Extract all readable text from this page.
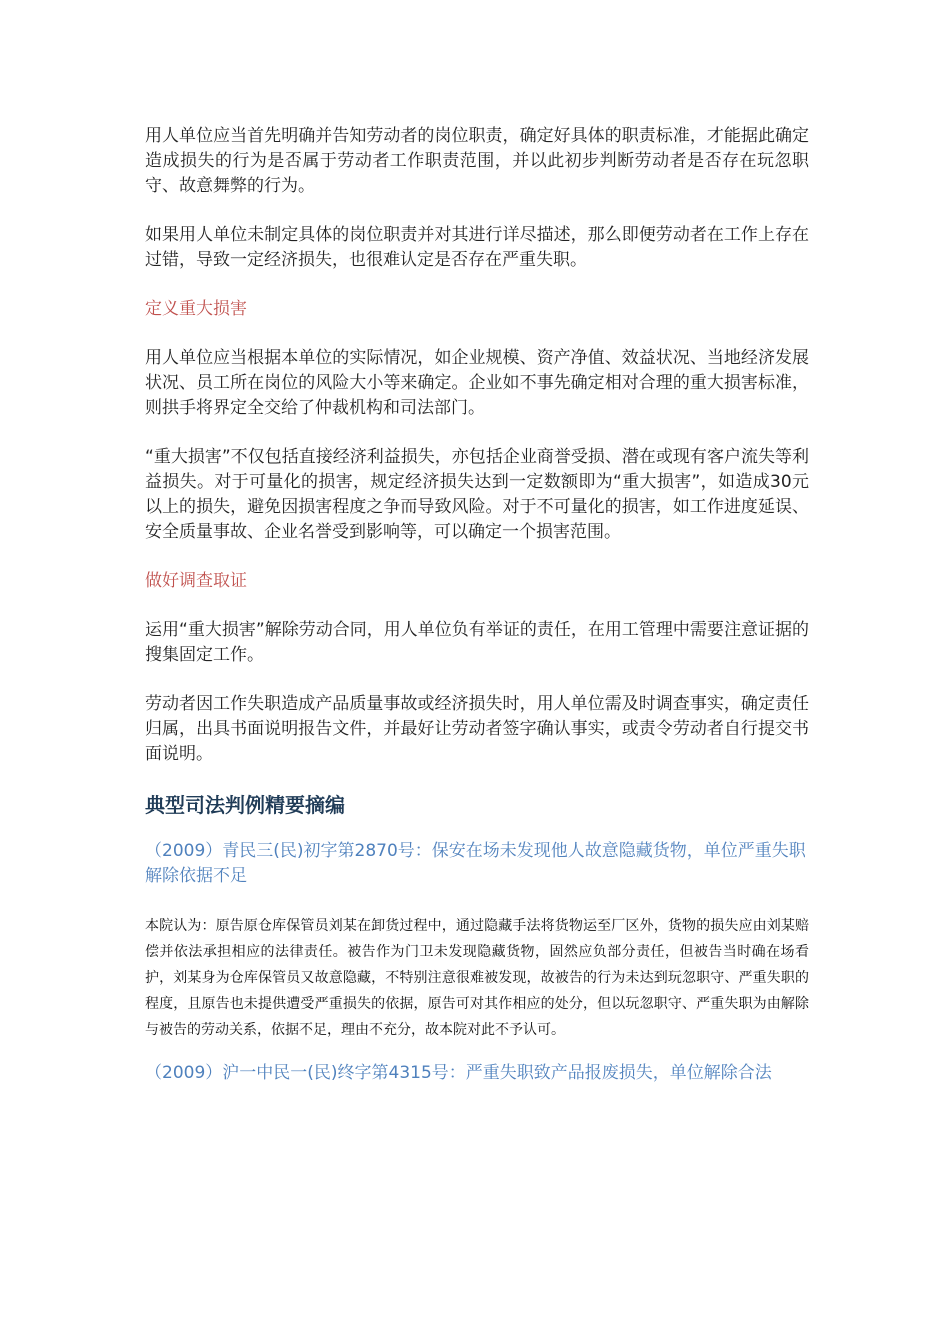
用人单位应当首先明确并告知劳动者的岗位职责，确定好具体的职责标准，才能据此确定造成损失的行为是否属于劳动者工作职责范围，并以此初步判断劳动者是否存在玩忽职守、故意舞弊的行为。

如果用人单位未制定具体的岗位职责并对其进行详尽描述，那么即便劳动者在工作上存在过错，导致一定经济损失，也很难认定是否存在严重失职。

定义重大损害

用人单位应当根据本单位的实际情况，如企业规模、资产净值、效益状况、当地经济发展状况、员工所在岗位的风险大小等来确定。企业如不事先确定相对合理的重大损害标准，则拱手将界定全交给了仲裁机构和司法部门。

“重大损害”不仅包括直接经济利益损失，亦包括企业商誉受损、潜在或现有客户流失等利益损失。对于可量化的损害，规定经济损失达到一定数额即为“重大损害”，如造成30元以上的损失，避免因损害程度之争而导致风险。对于不可量化的损害，如工作进度延误、安全质量事故、企业名誉受到影响等，可以确定一个损害范围。

做好调查取证

运用“重大损害”解除劳动合同，用人单位负有举证的责任，在用工管理中需要注意证据的搜集固定工作。

劳动者因工作失职造成产品质量事故或经济损失时，用人单位需及时调查事实，确定责任归属，出具书面说明报告文件，并最好让劳动者签字确认事实，或责令劳动者自行提交书面说明。

典型司法判例精要摘编

（2009）青民三(民)初字第2870号：保安在场未发现他人故意隐藏货物，单位严重失职解除依据不足

本院认为：原告原仓库保管员刘某在卸货过程中，通过隐藏手法将货物运至厂区外，货物的损失应由刘某赔偿并依法承担相应的法律责任。被告作为门卫未发现隐藏货物，固然应负部分责任，但被告当时确在场看护，刘某身为仓库保管员又故意隐藏，不特别注意很难被发现，故被告的行为未达到玩忽职守、严重失职的程度，且原告也未提供遭受严重损失的依据，原告可对其作相应的处分，但以玩忽职守、严重失职为由解除与被告的劳动关系，依据不足，理由不充分，故本院对此不予认可。

（2009）沪一中民一(民)终字第4315号：严重失职致产品报废损失，单位解除合法
